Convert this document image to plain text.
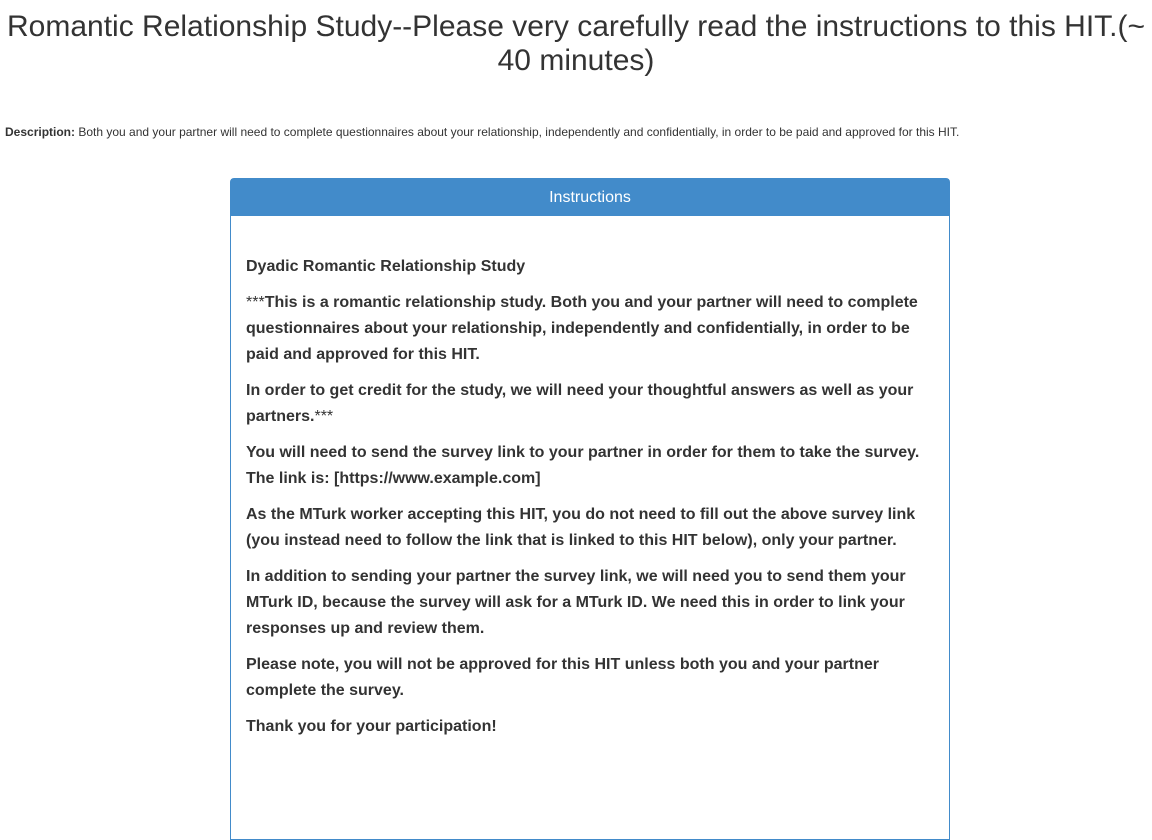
Romantic Relationship Study--Please very carefully read the instructions to this HIT.(~ 40 minutes)
Description: Both you and your partner will need to complete questionnaires about your relationship, independently and confidentially, in order to be paid and approved for this HIT.
Instructions

Dyadic Romantic Relationship Study

***This is a romantic relationship study. Both you and your partner will need to complete questionnaires about your relationship, independently and confidentially, in order to be paid and approved for this HIT.

In order to get credit for the study, we will need your thoughtful answers as well as your partners.***

You will need to send the survey link to your partner in order for them to take the survey. The link is: [https://www.example.com]

As the MTurk worker accepting this HIT, you do not need to fill out the above survey link (you instead need to follow the link that is linked to this HIT below), only your partner.

In addition to sending your partner the survey link, we will need you to send them your MTurk ID, because the survey will ask for a MTurk ID. We need this in order to link your responses up and review them.

Please note, you will not be approved for this HIT unless both you and your partner complete the survey.

Thank you for your participation!
